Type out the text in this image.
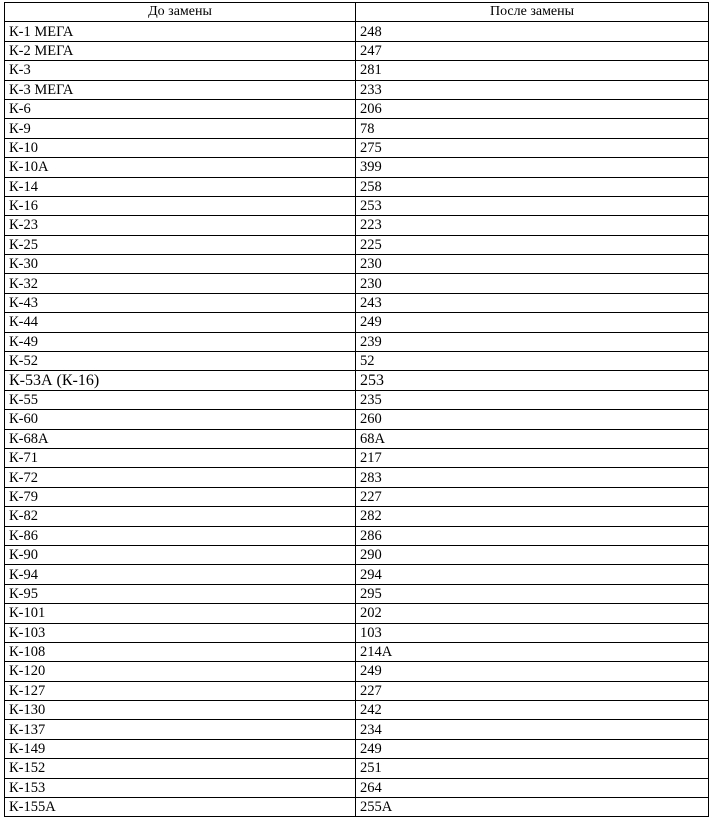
До замены	После замены
К-1 МЕГА	248
К-2 МЕГА	247
К-3	281
К-3 МЕГА	233
К-6	206
К-9	78
К-10	275
К-10А	399
К-14	258
К-16	253
К-23	223
К-25	225
К-30	230
К-32	230
К-43	243
К-44	249
К-49	239
К-52	52
К-53А (К-16)	253
К-55	235
К-60	260
К-68А	68А
К-71	217
К-72	283
К-79	227
К-82	282
К-86	286
К-90	290
К-94	294
К-95	295
К-101	202
К-103	103
К-108	214А
К-120	249
К-127	227
К-130	242
К-137	234
К-149	249
К-152	251
К-153	264
К-155А	255А
